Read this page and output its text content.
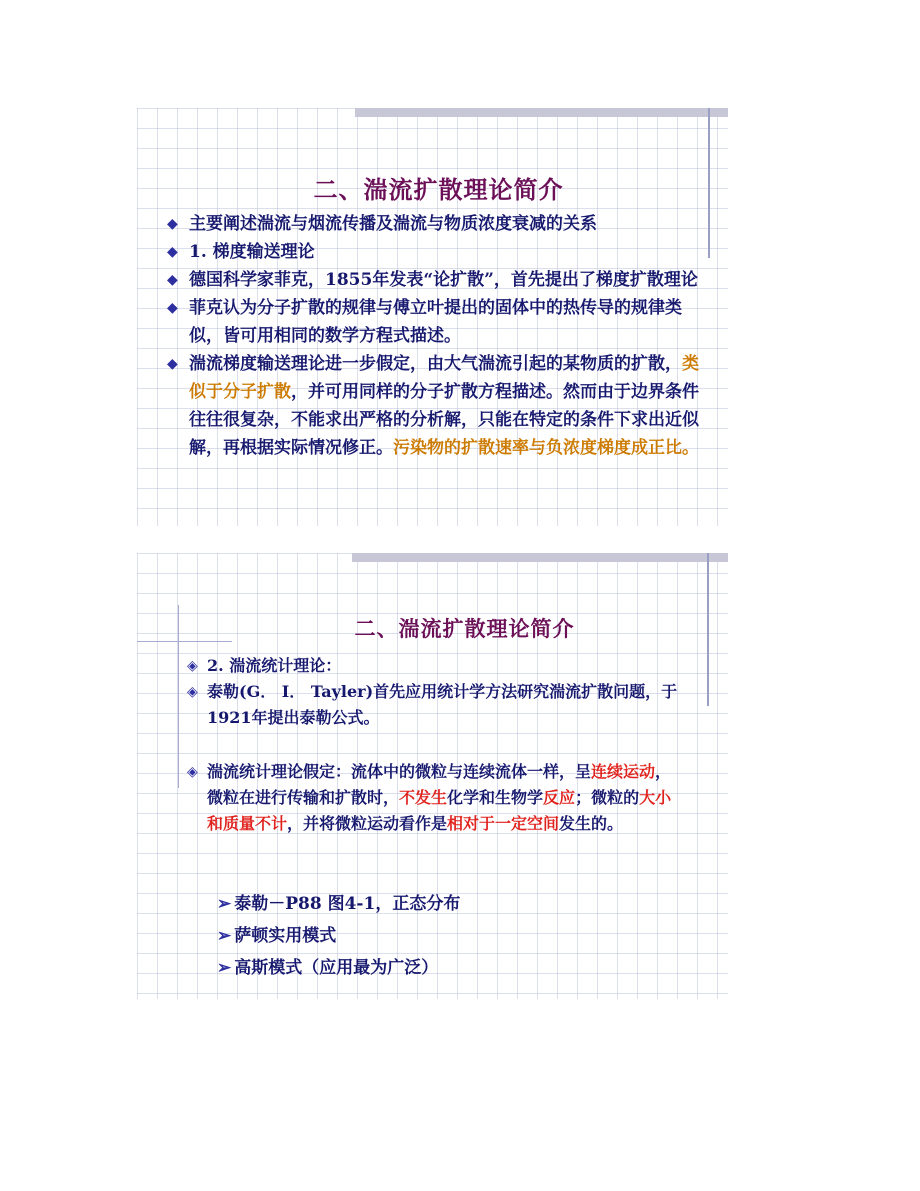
二、湍流扩散理论简介
◆ 主要阐述湍流与烟流传播及湍流与物质浓度衰减的关系
◆ 1. 梯度输送理论
◆ 德国科学家菲克，1855年发表“论扩散”，首先提出了梯度扩散理论
◆ 菲克认为分子扩散的规律与傅立叶提出的固体中的热传导的规律类似，皆可用相同的数学方程式描述。
◆ 湍流梯度输送理论进一步假定，由大气湍流引起的某物质的扩散，类似于分子扩散，并可用同样的分子扩散方程描述。然而由于边界条件往往很复杂，不能求出严格的分析解，只能在特定的条件下求出近似解，再根据实际情况修正。污染物的扩散速率与负浓度梯度成正比。
二、湍流扩散理论简介
◈ 2. 湍流统计理论：
◈ 泰勒(G． I． Tayler)首先应用统计学方法研究湍流扩散问题，于1921年提出泰勒公式。
◈ 湍流统计理论假定：流体中的微粒与连续流体一样，呈连续运动，微粒在进行传输和扩散时，不发生化学和生物学反应；微粒的大小和质量不计，并将微粒运动看作是相对于一定空间发生的。
➢ 泰勒－P88 图4-1，正态分布
➢ 萨顿实用模式
➢ 高斯模式（应用最为广泛）
